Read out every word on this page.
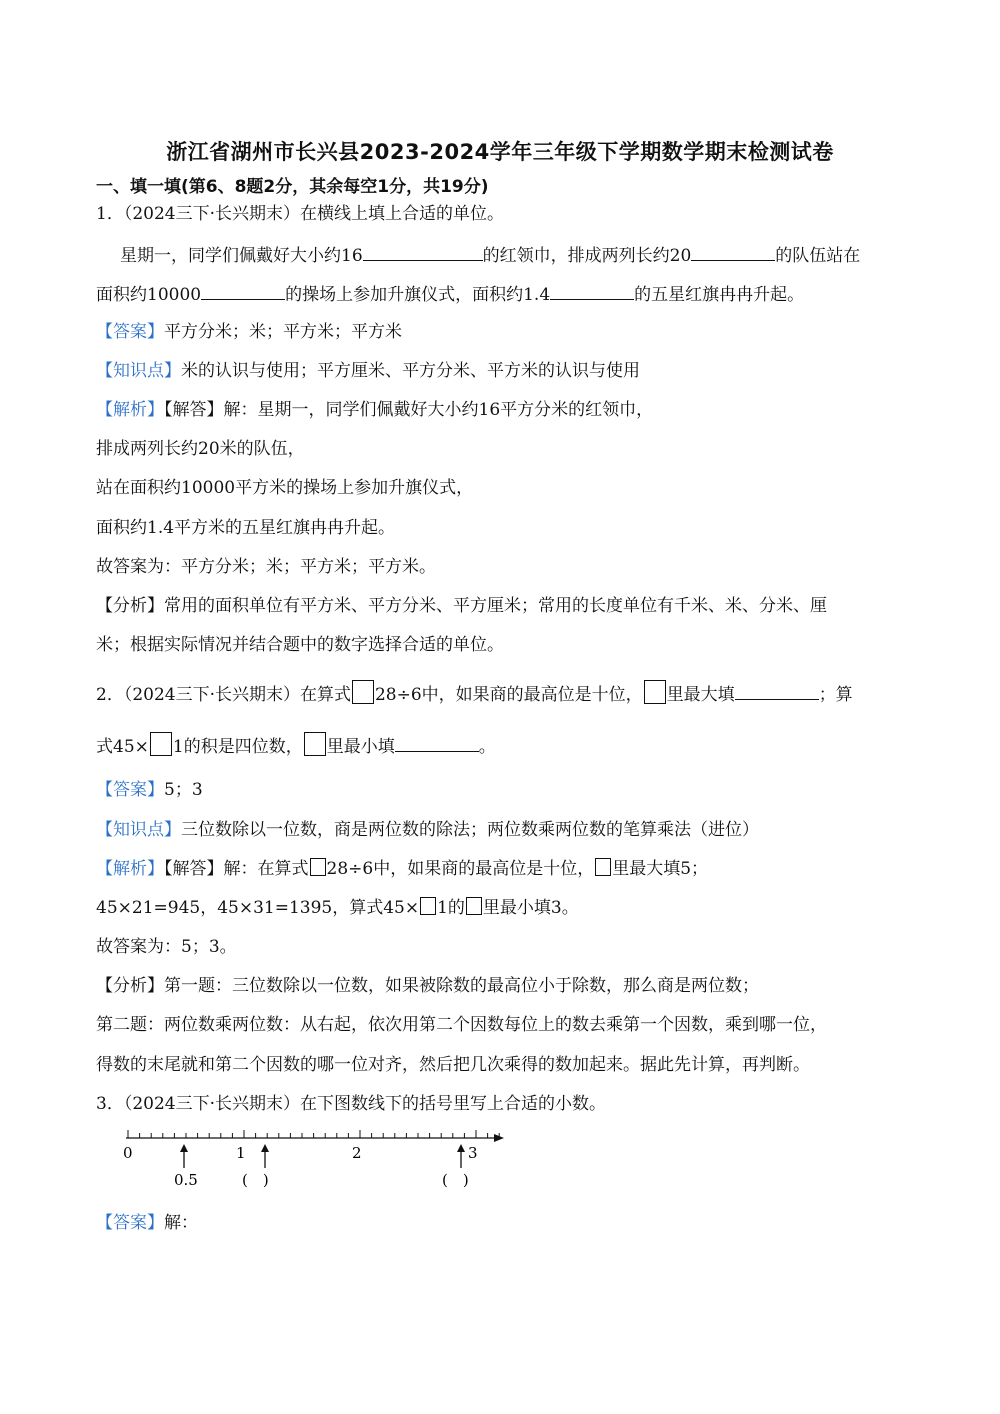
浙江省湖州市长兴县2023-2024学年三年级下学期数学期末检测试卷
一、填一填(第6、8题2分，其余每空1分，共19分)
1．（2024三下·长兴期末）在横线上填上合适的单位。
星期一，同学们佩戴好大小约16	的红领巾，排成两列长约20	的队伍站在
面积约10000	的操场上参加升旗仪式，面积约1.4	的五星红旗冉冉升起。
【答案】平方分米；米；平方米；平方米
【知识点】米的认识与使用；平方厘米、平方分米、平方米的认识与使用
【解析】【解答】解：星期一，同学们佩戴好大小约16平方分米的红领巾，
排成两列长约20米的队伍，
站在面积约10000平方米的操场上参加升旗仪式，
面积约1.4平方米的五星红旗冉冉升起。
故答案为：平方分米；米；平方米；平方米。
【分析】常用的面积单位有平方米、平方分米、平方厘米；常用的长度单位有千米、米、分米、厘
米；根据实际情况并结合题中的数字选择合适的单位。
2．（2024三下·长兴期末）在算式 28÷6中，如果商的最高位是十位， 里最大填	；算
式45× 1的积是四位数， 里最小填	。
【答案】5；3
【知识点】三位数除以一位数，商是两位数的除法；两位数乘两位数的笔算乘法（进位）
【解析】【解答】解：在算式 28÷6中，如果商的最高位是十位， 里最大填5；
45×21=945，45×31=1395，算式45× 1的 里最小填3。
故答案为：5；3。
【分析】第一题：三位数除以一位数，如果被除数的最高位小于除数，那么商是两位数；
第二题：两位数乘两位数：从右起，依次用第二个因数每位上的数去乘第一个因数，乘到哪一位，
得数的末尾就和第二个因数的哪一位对齐，然后把几次乘得的数加起来。据此先计算，再判断。
3．（2024三下·长兴期末）在下图数线下的括号里写上合适的小数。
0	1	2	3
0.5	(　)	(　)
【答案】解：
